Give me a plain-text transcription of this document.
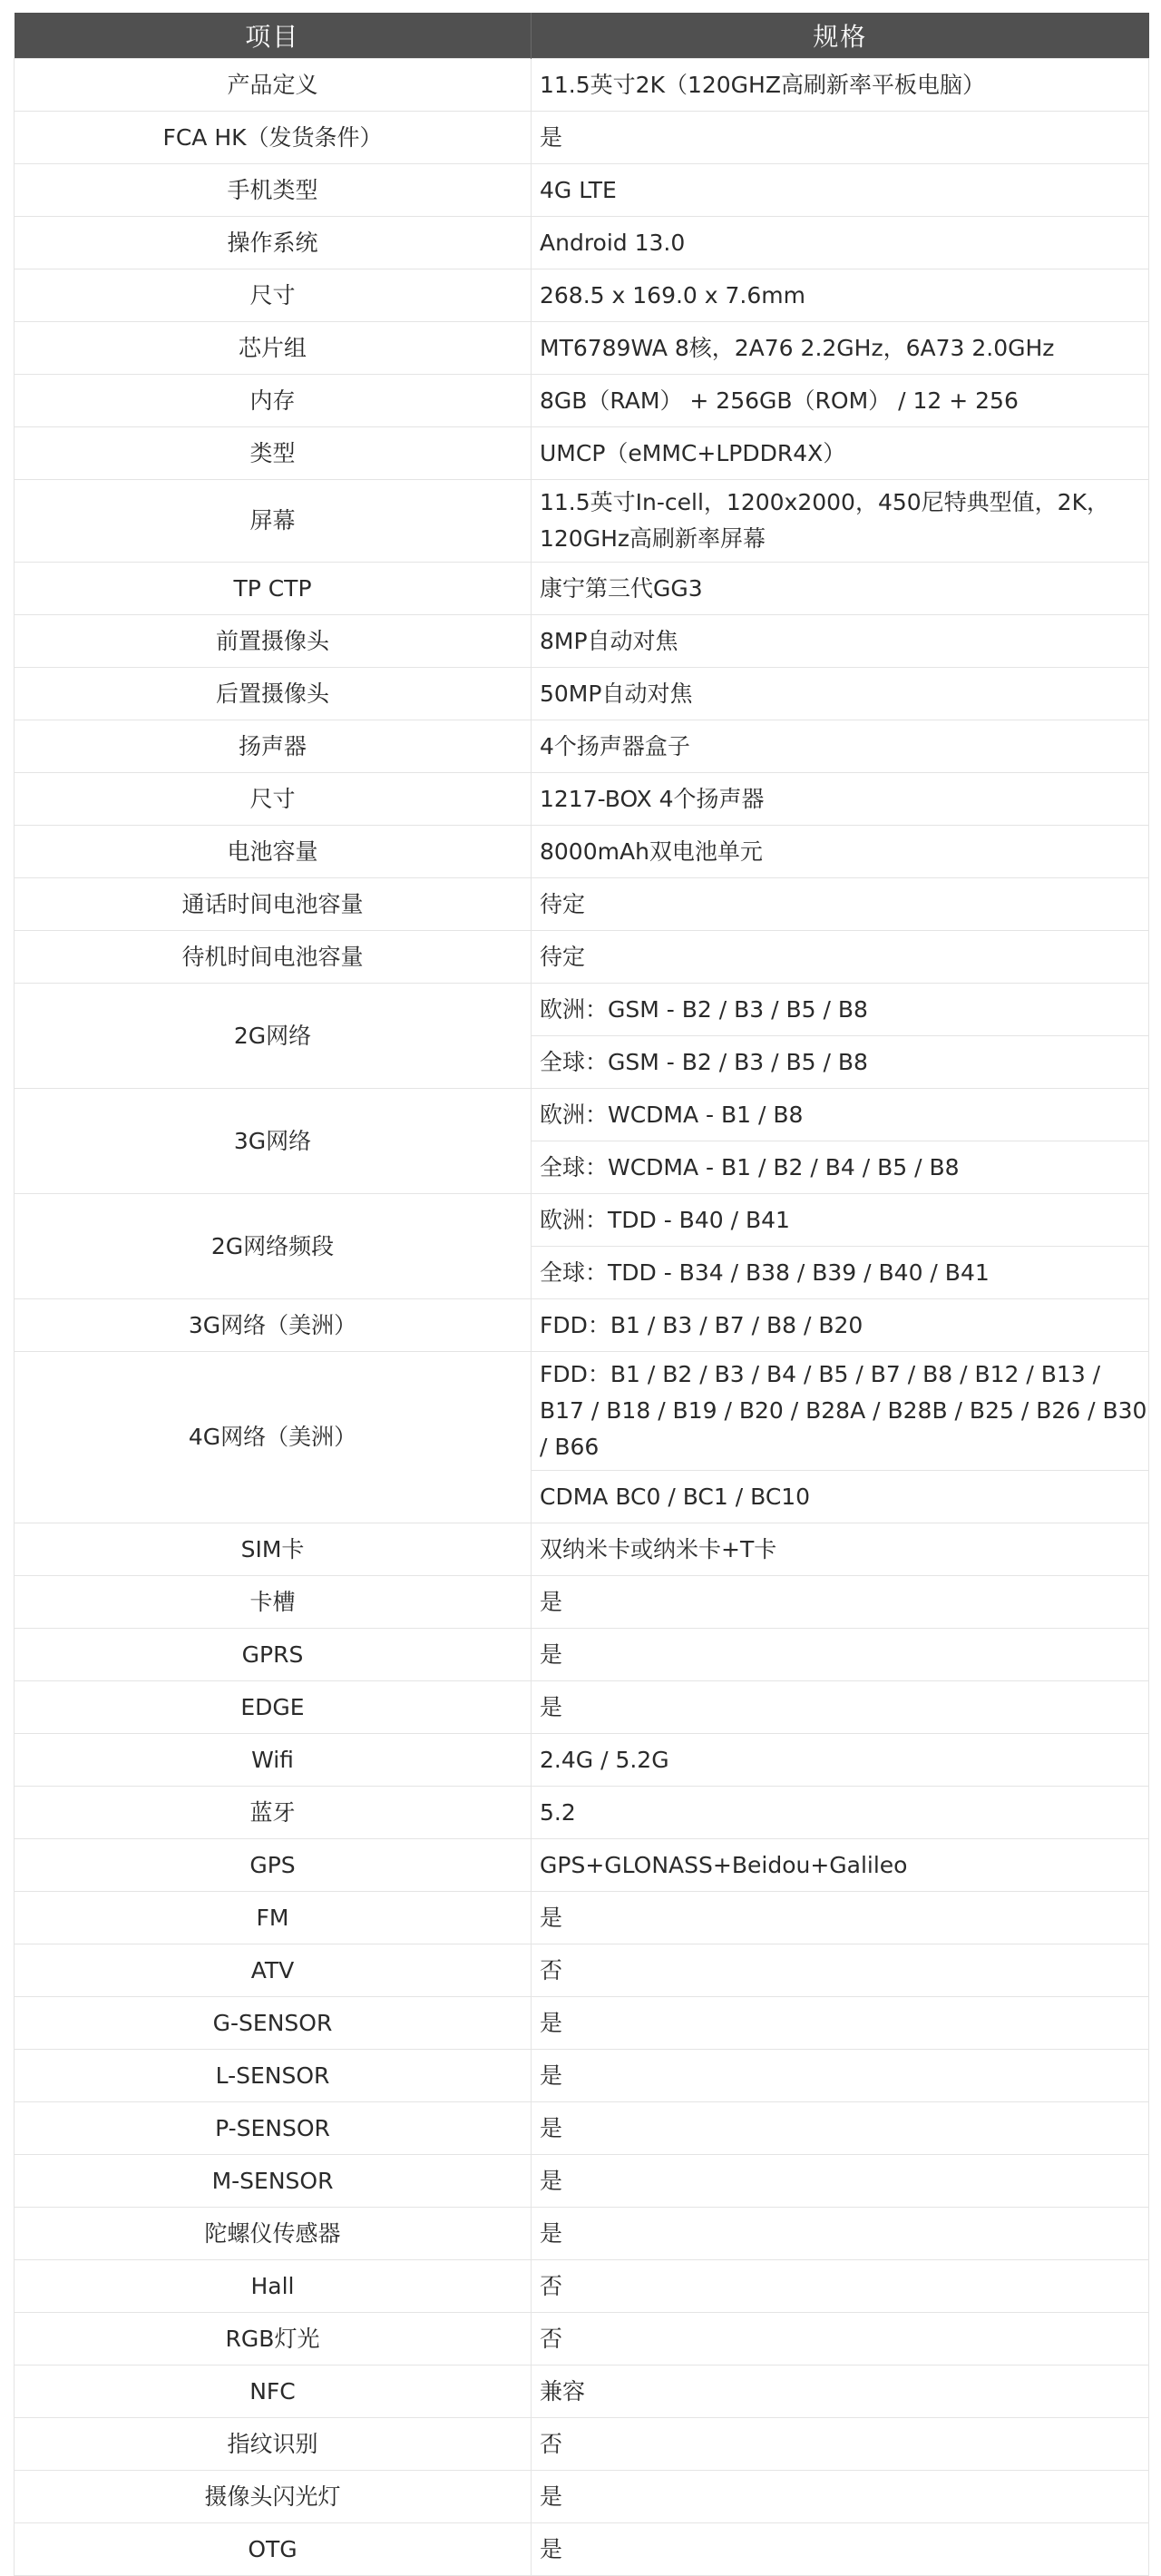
项目	规格
产品定义	11.5英寸2K（120GHZ高刷新率平板电脑）
FCA HK（发货条件）	是
手机类型	4G LTE
操作系统	Android 13.0
尺寸	268.5 x 169.0 x 7.6mm
芯片组	MT6789WA 8核，2A76 2.2GHz，6A73 2.0GHz
内存	8GB（RAM） + 256GB（ROM） / 12 + 256
类型	UMCP（eMMC+LPDDR4X）
屏幕	11.5英寸In-cell，1200x2000，450尼特典型值，2K，120GHz高刷新率屏幕
TP CTP	康宁第三代GG3
前置摄像头	8MP自动对焦
后置摄像头	50MP自动对焦
扬声器	4个扬声器盒子
尺寸	1217-BOX 4个扬声器
电池容量	8000mAh双电池单元
通话时间电池容量	待定
待机时间电池容量	待定
2G网络	欧洲：GSM - B2 / B3 / B5 / B8
	全球：GSM - B2 / B3 / B5 / B8
3G网络	欧洲：WCDMA - B1 / B8
	全球：WCDMA - B1 / B2 / B4 / B5 / B8
2G网络频段	欧洲：TDD - B40 / B41
	全球：TDD - B34 / B38 / B39 / B40 / B41
3G网络（美洲）	FDD：B1 / B3 / B7 / B8 / B20
4G网络（美洲）	FDD：B1 / B2 / B3 / B4 / B5 / B7 / B8 / B12 / B13 / B17 / B18 / B19 / B20 / B28A / B28B / B25 / B26 / B30 / B66
	CDMA BC0 / BC1 / BC10
SIM卡	双纳米卡或纳米卡+T卡
卡槽	是
GPRS	是
EDGE	是
Wifi	2.4G / 5.2G
蓝牙	5.2
GPS	GPS+GLONASS+Beidou+Galileo
FM	是
ATV	否
G-SENSOR	是
L-SENSOR	是
P-SENSOR	是
M-SENSOR	是
陀螺仪传感器	是
Hall	否
RGB灯光	否
NFC	兼容
指纹识别	否
摄像头闪光灯	是
OTG	是
